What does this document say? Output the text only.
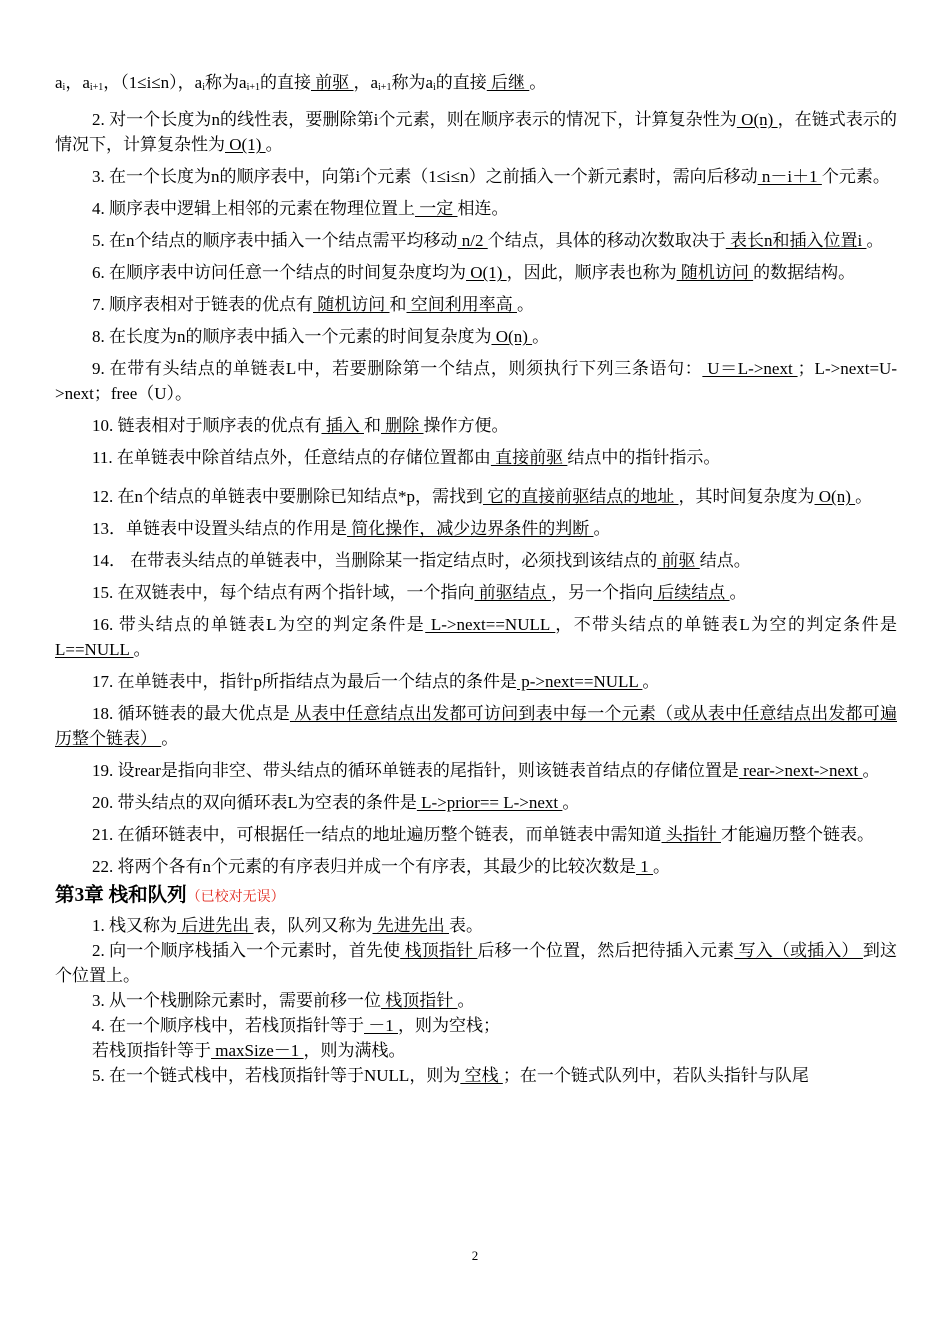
$a_i$，$a_{i+1}$，（1≤i≤n），$a_i$称为$a_{i+1}$的直接 前驱 ，$a_{i+1}$称为$a_i$的直接 后继 。

2. 对一个长度为n的线性表，要删除第i个元素，则在顺序表示的情况下，计算复杂性为 O(n) ，在链式表示的情况下，计算复杂性为 O(1) 。

3. 在一个长度为n的顺序表中，向第i个元素（1≤i≤n）之前插入一个新元素时，需向后移动 n－i＋1 个元素。

4. 顺序表中逻辑上相邻的元素在物理位置上 一定 相连。

5. 在n个结点的顺序表中插入一个结点需平均移动 n/2 个结点，具体的移动次数取决于 表长n和插入位置i 。

6. 在顺序表中访问任意一个结点的时间复杂度均为 O(1) ，因此，顺序表也称为 随机访问 的数据结构。

7. 顺序表相对于链表的优点有 随机访问 和 空间利用率高 。

8. 在长度为n的顺序表中插入一个元素的时间复杂度为 O(n) 。

9. 在带有头结点的单链表L中，若要删除第一个结点，则须执行下列三条语句： U＝L->next ；L->next=U->next；free（U）。

10. 链表相对于顺序表的优点有 插入 和 删除 操作方便。

11. 在单链表中除首结点外，任意结点的存储位置都由 直接前驱 结点中的指针指示。

12. 在n个结点的单链表中要删除已知结点*p，需找到 它的直接前驱结点的地址 ，其时间复杂度为 O(n) 。

13．单链表中设置头结点的作用是 简化操作，减少边界条件的判断 。

14． 在带表头结点的单链表中，当删除某一指定结点时，必须找到该结点的 前驱 结点。

15. 在双链表中，每个结点有两个指针域，一个指向 前驱结点 ，另一个指向 后续结点 。

16. 带头结点的单链表L为空的判定条件是 L->next==NULL ，不带头结点的单链表L为空的判定条件是 L==NULL 。

17. 在单链表中，指针p所指结点为最后一个结点的条件是 p->next==NULL 。

18. 循环链表的最大优点是 从表中任意结点出发都可访问到表中每一个元素（或从表中任意结点出发都可遍历整个链表） 。

19. 设rear是指向非空、带头结点的循环单链表的尾指针，则该链表首结点的存储位置是 rear->next->next 。

20. 带头结点的双向循环表L为空表的条件是 L->prior== L->next 。

21. 在循环链表中，可根据任一结点的地址遍历整个链表，而单链表中需知道 头指针 才能遍历整个链表。

22. 将两个各有n个元素的有序表归并成一个有序表，其最少的比较次数是 1 。

第3章 栈和队列（已校对无误）

1. 栈又称为 后进先出 表，队列又称为 先进先出 表。

2. 向一个顺序栈插入一个元素时，首先使 栈顶指针 后移一个位置，然后把待插入元素 写入（或插入） 到这个位置上。

3. 从一个栈删除元素时，需要前移一位 栈顶指针 。

4. 在一个顺序栈中，若栈顶指针等于 －1 ，则为空栈；

若栈顶指针等于 maxSize－1 ，则为满栈。

5. 在一个链式栈中，若栈顶指针等于NULL，则为 空栈 ；在一个链式队列中，若队头指针与队尾

2
